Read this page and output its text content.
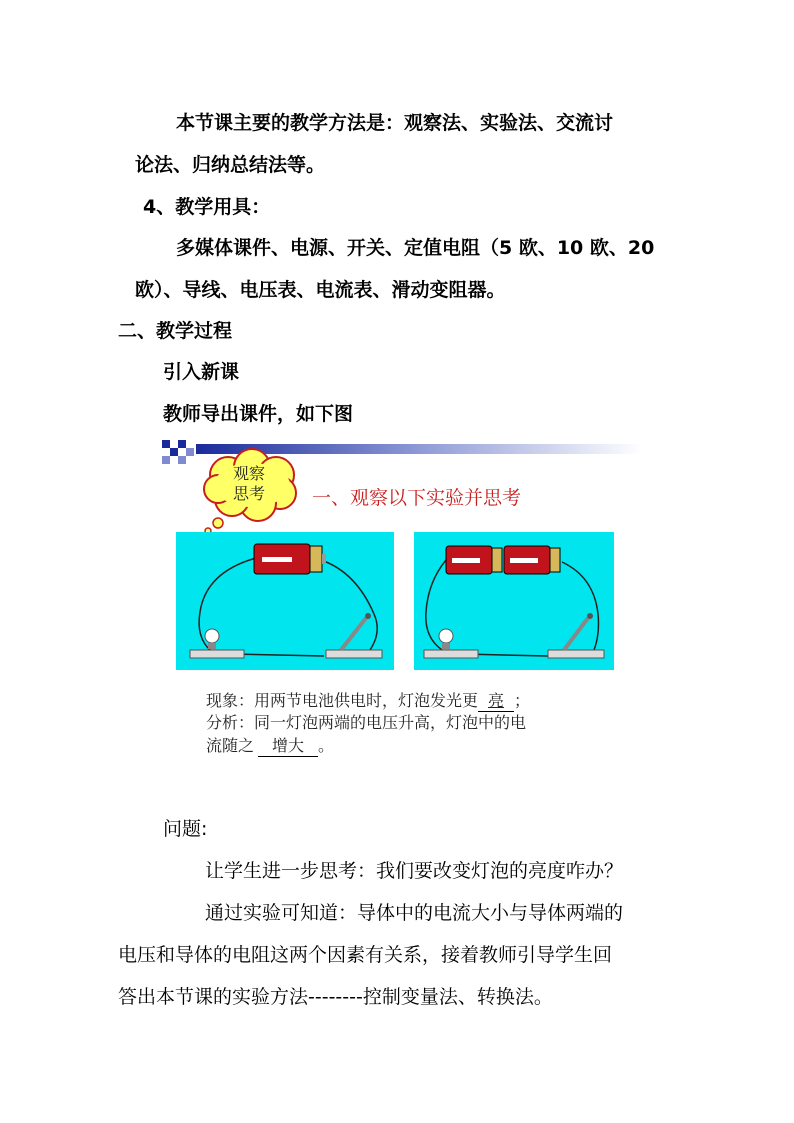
本节课主要的教学方法是：观察法、实验法、交流讨
论法、归纳总结法等。
4、教学用具：
多媒体课件、电源、开关、定值电阻（5 欧、10 欧、20
欧）、导线、电压表、电流表、滑动变阻器。
二、教学过程
引入新课
教师导出课件，如下图
观察
思考 一、观察以下实验并思考
现象：用两节电池供电时，灯泡发光更 亮 ；
分析：同一灯泡两端的电压升高，灯泡中的电
流随之 增大 。
问题:
让学生进一步思考：我们要改变灯泡的亮度咋办？
通过实验可知道：导体中的电流大小与导体两端的
电压和导体的电阻这两个因素有关系，接着教师引导学生回
答出本节课的实验方法--------控制变量法、转换法。
